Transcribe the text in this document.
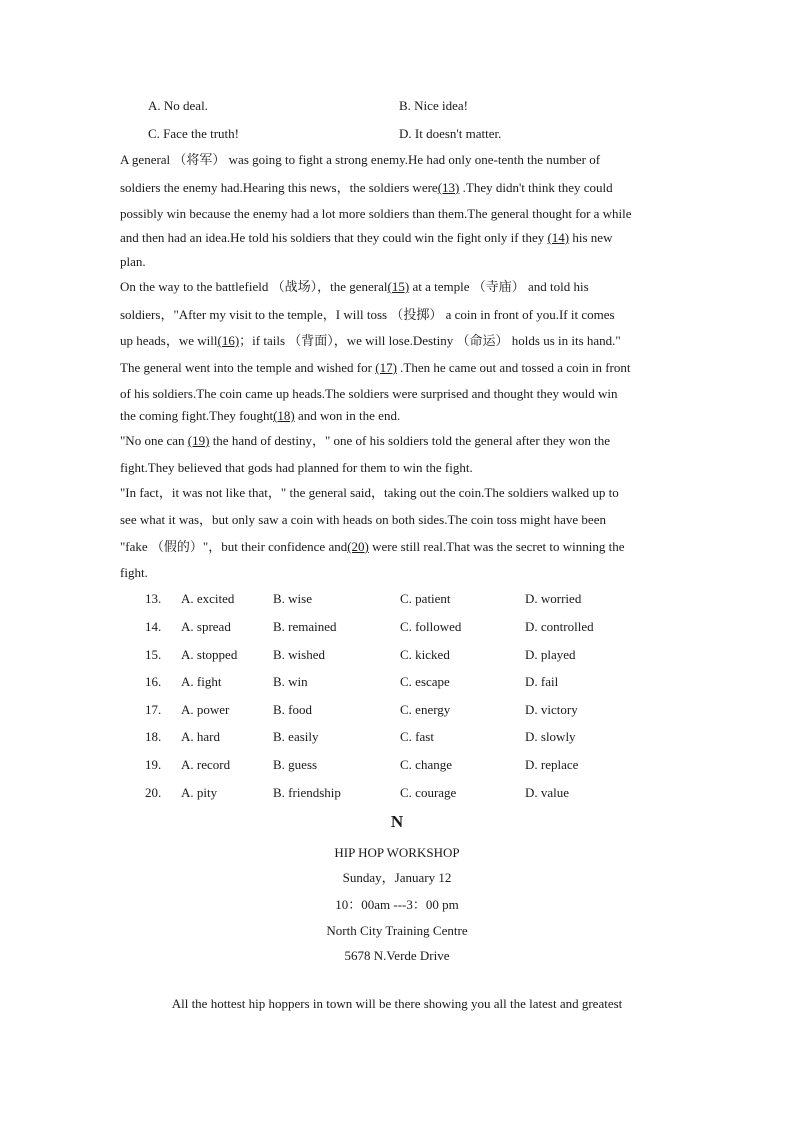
A. No deal.	B. Nice idea!
C. Face the truth!	D. It doesn't matter.
A general （将军） was going to fight a strong enemy.He had only one-tenth the number of
soldiers the enemy had.Hearing this news，the soldiers were(13) .They didn't think they could
possibly win because the enemy had a lot more soldiers than them.The general thought for a while
and then had an idea.He told his soldiers that they could win the fight only if they (14) his new
plan.
On the way to the battlefield （战场），the general(15) at a temple （寺庙） and told his
soldiers，"After my visit to the temple，I will toss （投掷） a coin in front of you.If it comes
up heads，we will(16)；if tails （背面），we will lose.Destiny （命运） holds us in its hand."
The general went into the temple and wished for (17) .Then he came out and tossed a coin in front
of his soldiers.The coin came up heads.The soldiers were surprised and thought they would win
the coming fight.They fought(18) and won in the end.
"No one can (19) the hand of destiny，" one of his soldiers told the general after they won the
fight.They believed that gods had planned for them to win the fight.
"In fact，it was not like that，" the general said，taking out the coin.The soldiers walked up to
see what it was，but only saw a coin with heads on both sides.The coin toss might have been
"fake （假的）"，but their confidence and(20) were still real.That was the secret to winning the
fight.
13. A. excited	B. wise	C. patient	D. worried
14. A. spread	B. remained	C. followed	D. controlled
15. A. stopped	B. wished	C. kicked	D. played
16. A. fight	B. win	C. escape	D. fail
17. A. power	B. food	C. energy	D. victory
18. A. hard	B. easily	C. fast	D. slowly
19. A. record	B. guess	C. change	D. replace
20. A. pity	B. friendship	C. courage	D. value
N
HIP HOP WORKSHOP
Sunday，January 12
10：00am ---3：00 pm
North City Training Centre
5678 N.Verde Drive
All the hottest hip hoppers in town will be there showing you all the latest and greatest
